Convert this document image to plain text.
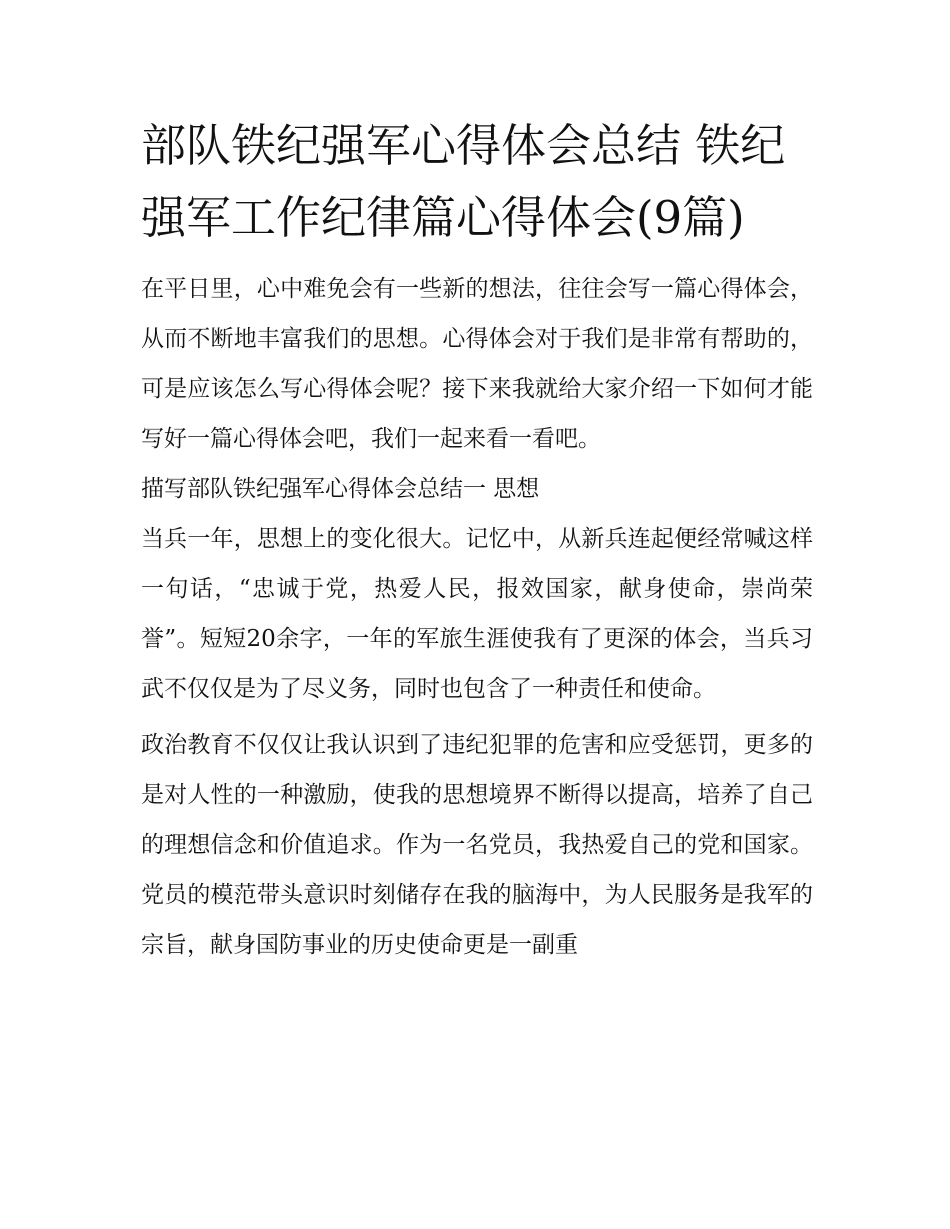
部队铁纪强军心得体会总结 铁纪强军工作纪律篇心得体会(9篇)

在平日里，心中难免会有一些新的想法，往往会写一篇心得体会，从而不断地丰富我们的思想。心得体会对于我们是非常有帮助的，可是应该怎么写心得体会呢？接下来我就给大家介绍一下如何才能写好一篇心得体会吧，我们一起来看一看吧。

描写部队铁纪强军心得体会总结一 思想

当兵一年，思想上的变化很大。记忆中，从新兵连起便经常喊这样一句话，“忠诚于党，热爱人民，报效国家，献身使命，崇尚荣誉”。短短20余字，一年的军旅生涯使我有了更深的体会，当兵习武不仅仅是为了尽义务，同时也包含了一种责任和使命。

政治教育不仅仅让我认识到了违纪犯罪的危害和应受惩罚，更多的是对人性的一种激励，使我的思想境界不断得以提高，培养了自己的理想信念和价值追求。作为一名党员，我热爱自己的党和国家。党员的模范带头意识时刻储存在我的脑海中，为人民服务是我军的宗旨，献身国防事业的历史使命更是一副重
